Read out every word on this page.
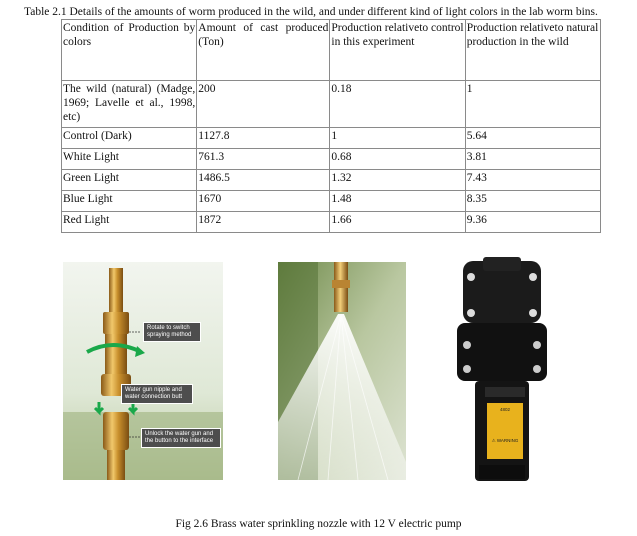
Table 2.1 Details of the amounts of worm produced in the wild, and under different kind of light colors in the lab worm bins.
Condition of Production by colors	Amount of cast produced (Ton)	Production relativeto control in this experiment	Production relativeto natural production in the wild
The wild (natural) (Madge, 1969; Lavelle et al., 1998, etc)	200	0.18	1
Control (Dark)	1127.8	1	5.64
White Light	761.3	0.68	3.81
Green Light	1486.5	1.32	7.43
Blue Light	1670	1.48	8.35
Red Light	1872	1.66	9.36
Rotate to switch spraying method
Water gun nipple and water connection butt
Unlock the water gun and the button to the interface
4802
⚠ WARNING
Fig 2.6 Brass water sprinkling nozzle with 12 V electric pump
